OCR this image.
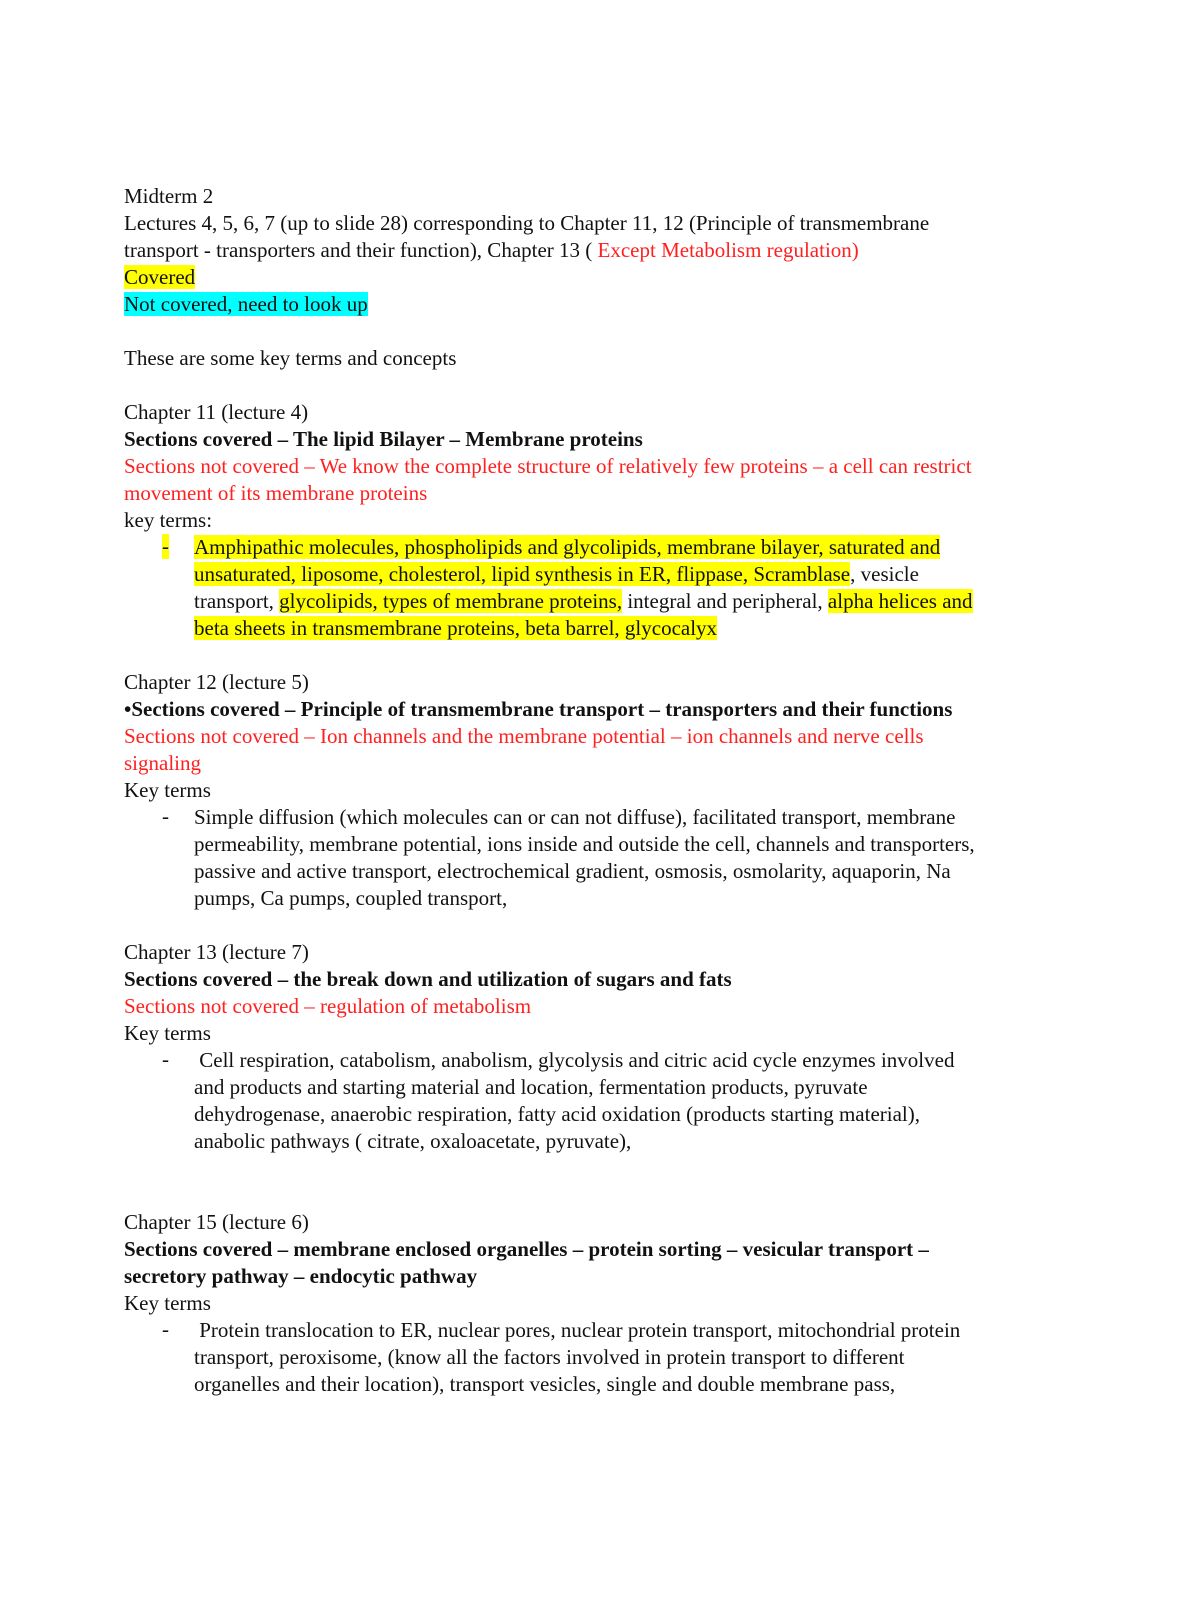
Midterm 2
Lectures 4, 5, 6, 7 (up to slide 28) corresponding to Chapter 11, 12 (Principle of transmembrane
transport - transporters and their function), Chapter 13 ( Except Metabolism regulation)
Covered
Not covered, need to look up
These are some key terms and concepts
Chapter 11 (lecture 4)
Sections covered – The lipid Bilayer – Membrane proteins
Sections not covered – We know the complete structure of relatively few proteins – a cell can restrict
movement of its membrane proteins
key terms:
- Amphipathic molecules, phospholipids and glycolipids, membrane bilayer, saturated and
unsaturated, liposome, cholesterol, lipid synthesis in ER, flippase, Scramblase, vesicle
transport, glycolipids, types of membrane proteins, integral and peripheral, alpha helices and
beta sheets in transmembrane proteins, beta barrel, glycocalyx
Chapter 12 (lecture 5)
•Sections covered – Principle of transmembrane transport – transporters and their functions
Sections not covered – Ion channels and the membrane potential – ion channels and nerve cells
signaling
Key terms
- Simple diffusion (which molecules can or can not diffuse), facilitated transport, membrane
permeability, membrane potential, ions inside and outside the cell, channels and transporters,
passive and active transport, electrochemical gradient, osmosis, osmolarity, aquaporin, Na
pumps, Ca pumps, coupled transport,
Chapter 13 (lecture 7)
Sections covered – the break down and utilization of sugars and fats
Sections not covered – regulation of metabolism
Key terms
- Cell respiration, catabolism, anabolism, glycolysis and citric acid cycle enzymes involved
and products and starting material and location, fermentation products, pyruvate
dehydrogenase, anaerobic respiration, fatty acid oxidation (products starting material),
anabolic pathways ( citrate, oxaloacetate, pyruvate),
Chapter 15 (lecture 6)
Sections covered – membrane enclosed organelles – protein sorting – vesicular transport –
secretory pathway – endocytic pathway
Key terms
- Protein translocation to ER, nuclear pores, nuclear protein transport, mitochondrial protein
transport, peroxisome, (know all the factors involved in protein transport to different
organelles and their location), transport vesicles, single and double membrane pass,
